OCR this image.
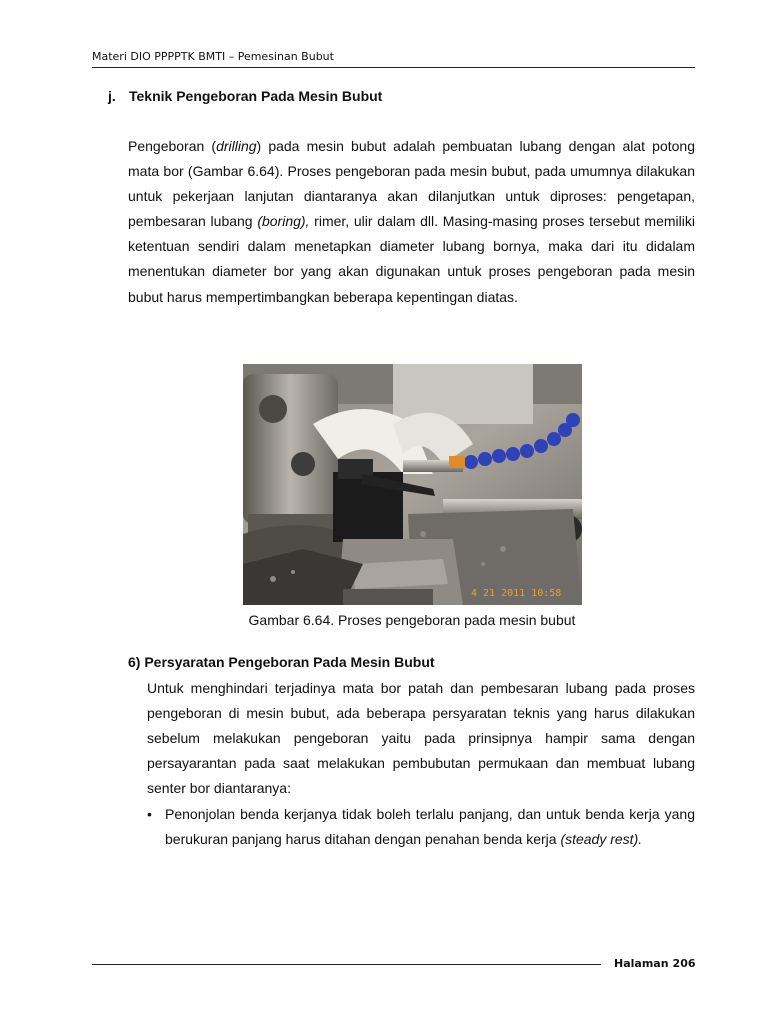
Materi DIO PPPPTK BMTI – Pemesinan Bubut
j. Teknik Pengeboran Pada Mesin Bubut

Pengeboran (drilling) pada mesin bubut adalah pembuatan lubang dengan alat potong mata bor (Gambar 6.64). Proses pengeboran pada mesin bubut, pada umumnya dilakukan untuk pekerjaan lanjutan diantaranya akan dilanjutkan untuk diproses: pengetapan, pembesaran lubang (boring), rimer, ulir dalam dll. Masing-masing proses tersebut memiliki ketentuan sendiri dalam menetapkan diameter lubang bornya, maka dari itu didalam menentukan diameter bor yang akan digunakan untuk proses pengeboran pada mesin bubut harus mempertimbangkan beberapa kepentingan diatas.

4 21 2011 10:58
Gambar 6.64. Proses pengeboran pada mesin bubut
6) Persyaratan Pengeboran Pada Mesin Bubut

Untuk menghindari terjadinya mata bor patah dan pembesaran lubang pada proses pengeboran di mesin bubut, ada beberapa persyaratan teknis yang harus dilakukan sebelum melakukan pengeboran yaitu pada prinsipnya hampir sama dengan persayarantan pada saat melakukan pembubutan permukaan dan membuat lubang senter bor diantaranya:

• Penonjolan benda kerjanya tidak boleh terlalu panjang, dan untuk benda kerja yang berukuran panjang harus ditahan dengan penahan benda kerja (steady rest).
Halaman 206
